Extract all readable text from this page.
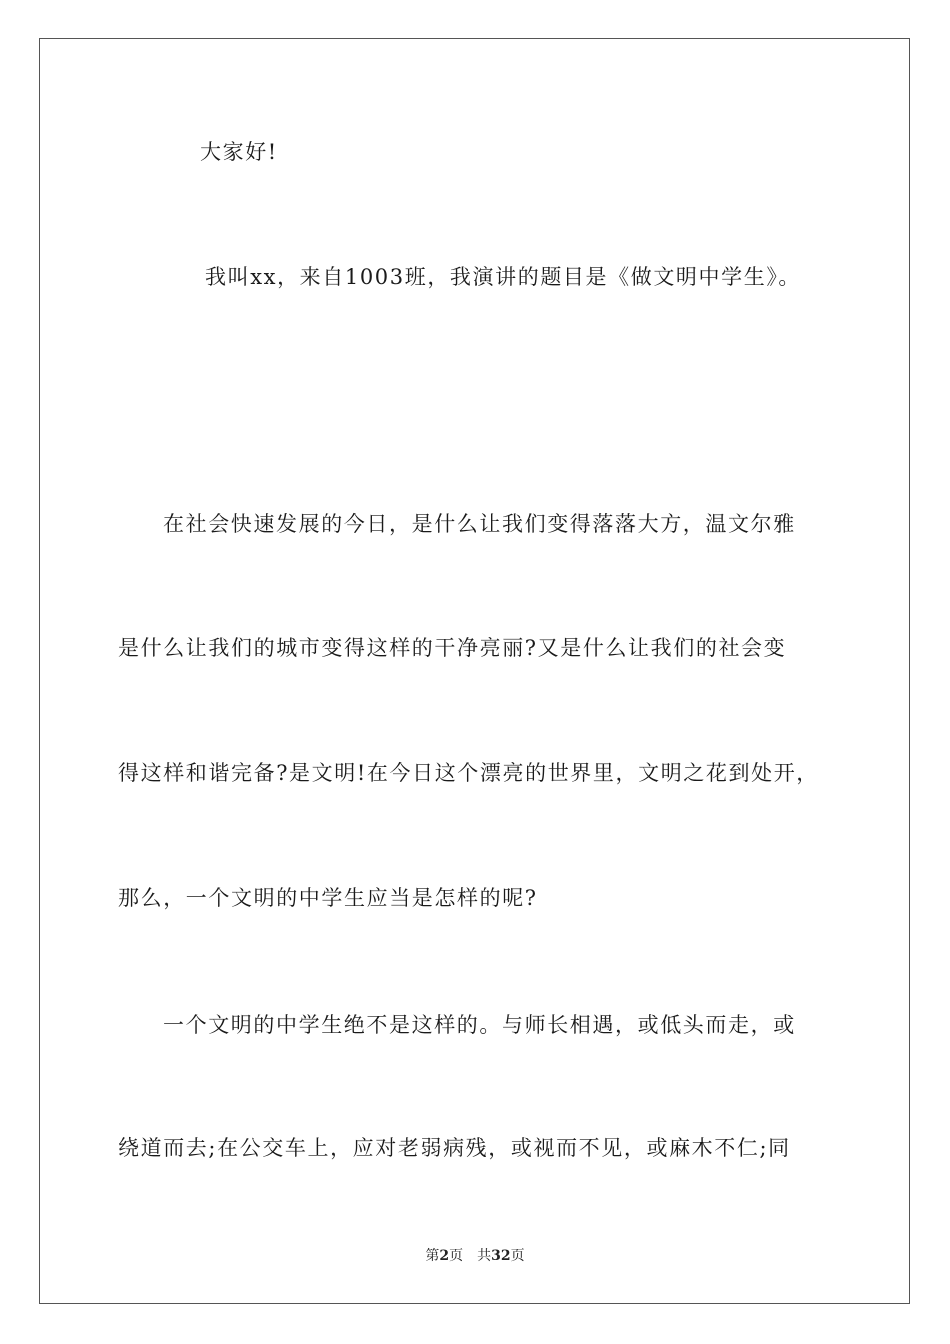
大家好!
我叫xx，来自1003班，我演讲的题目是《做文明中学生》。
在社会快速发展的今日，是什么让我们变得落落大方，温文尔雅
是什么让我们的城市变得这样的干净亮丽?又是什么让我们的社会变
得这样和谐完备?是文明!在今日这个漂亮的世界里，文明之花到处开，
那么，一个文明的中学生应当是怎样的呢?
一个文明的中学生绝不是这样的。与师长相遇，或低头而走，或
绕道而去;在公交车上，应对老弱病残，或视而不见，或麻木不仁;同
第2页 共32页
